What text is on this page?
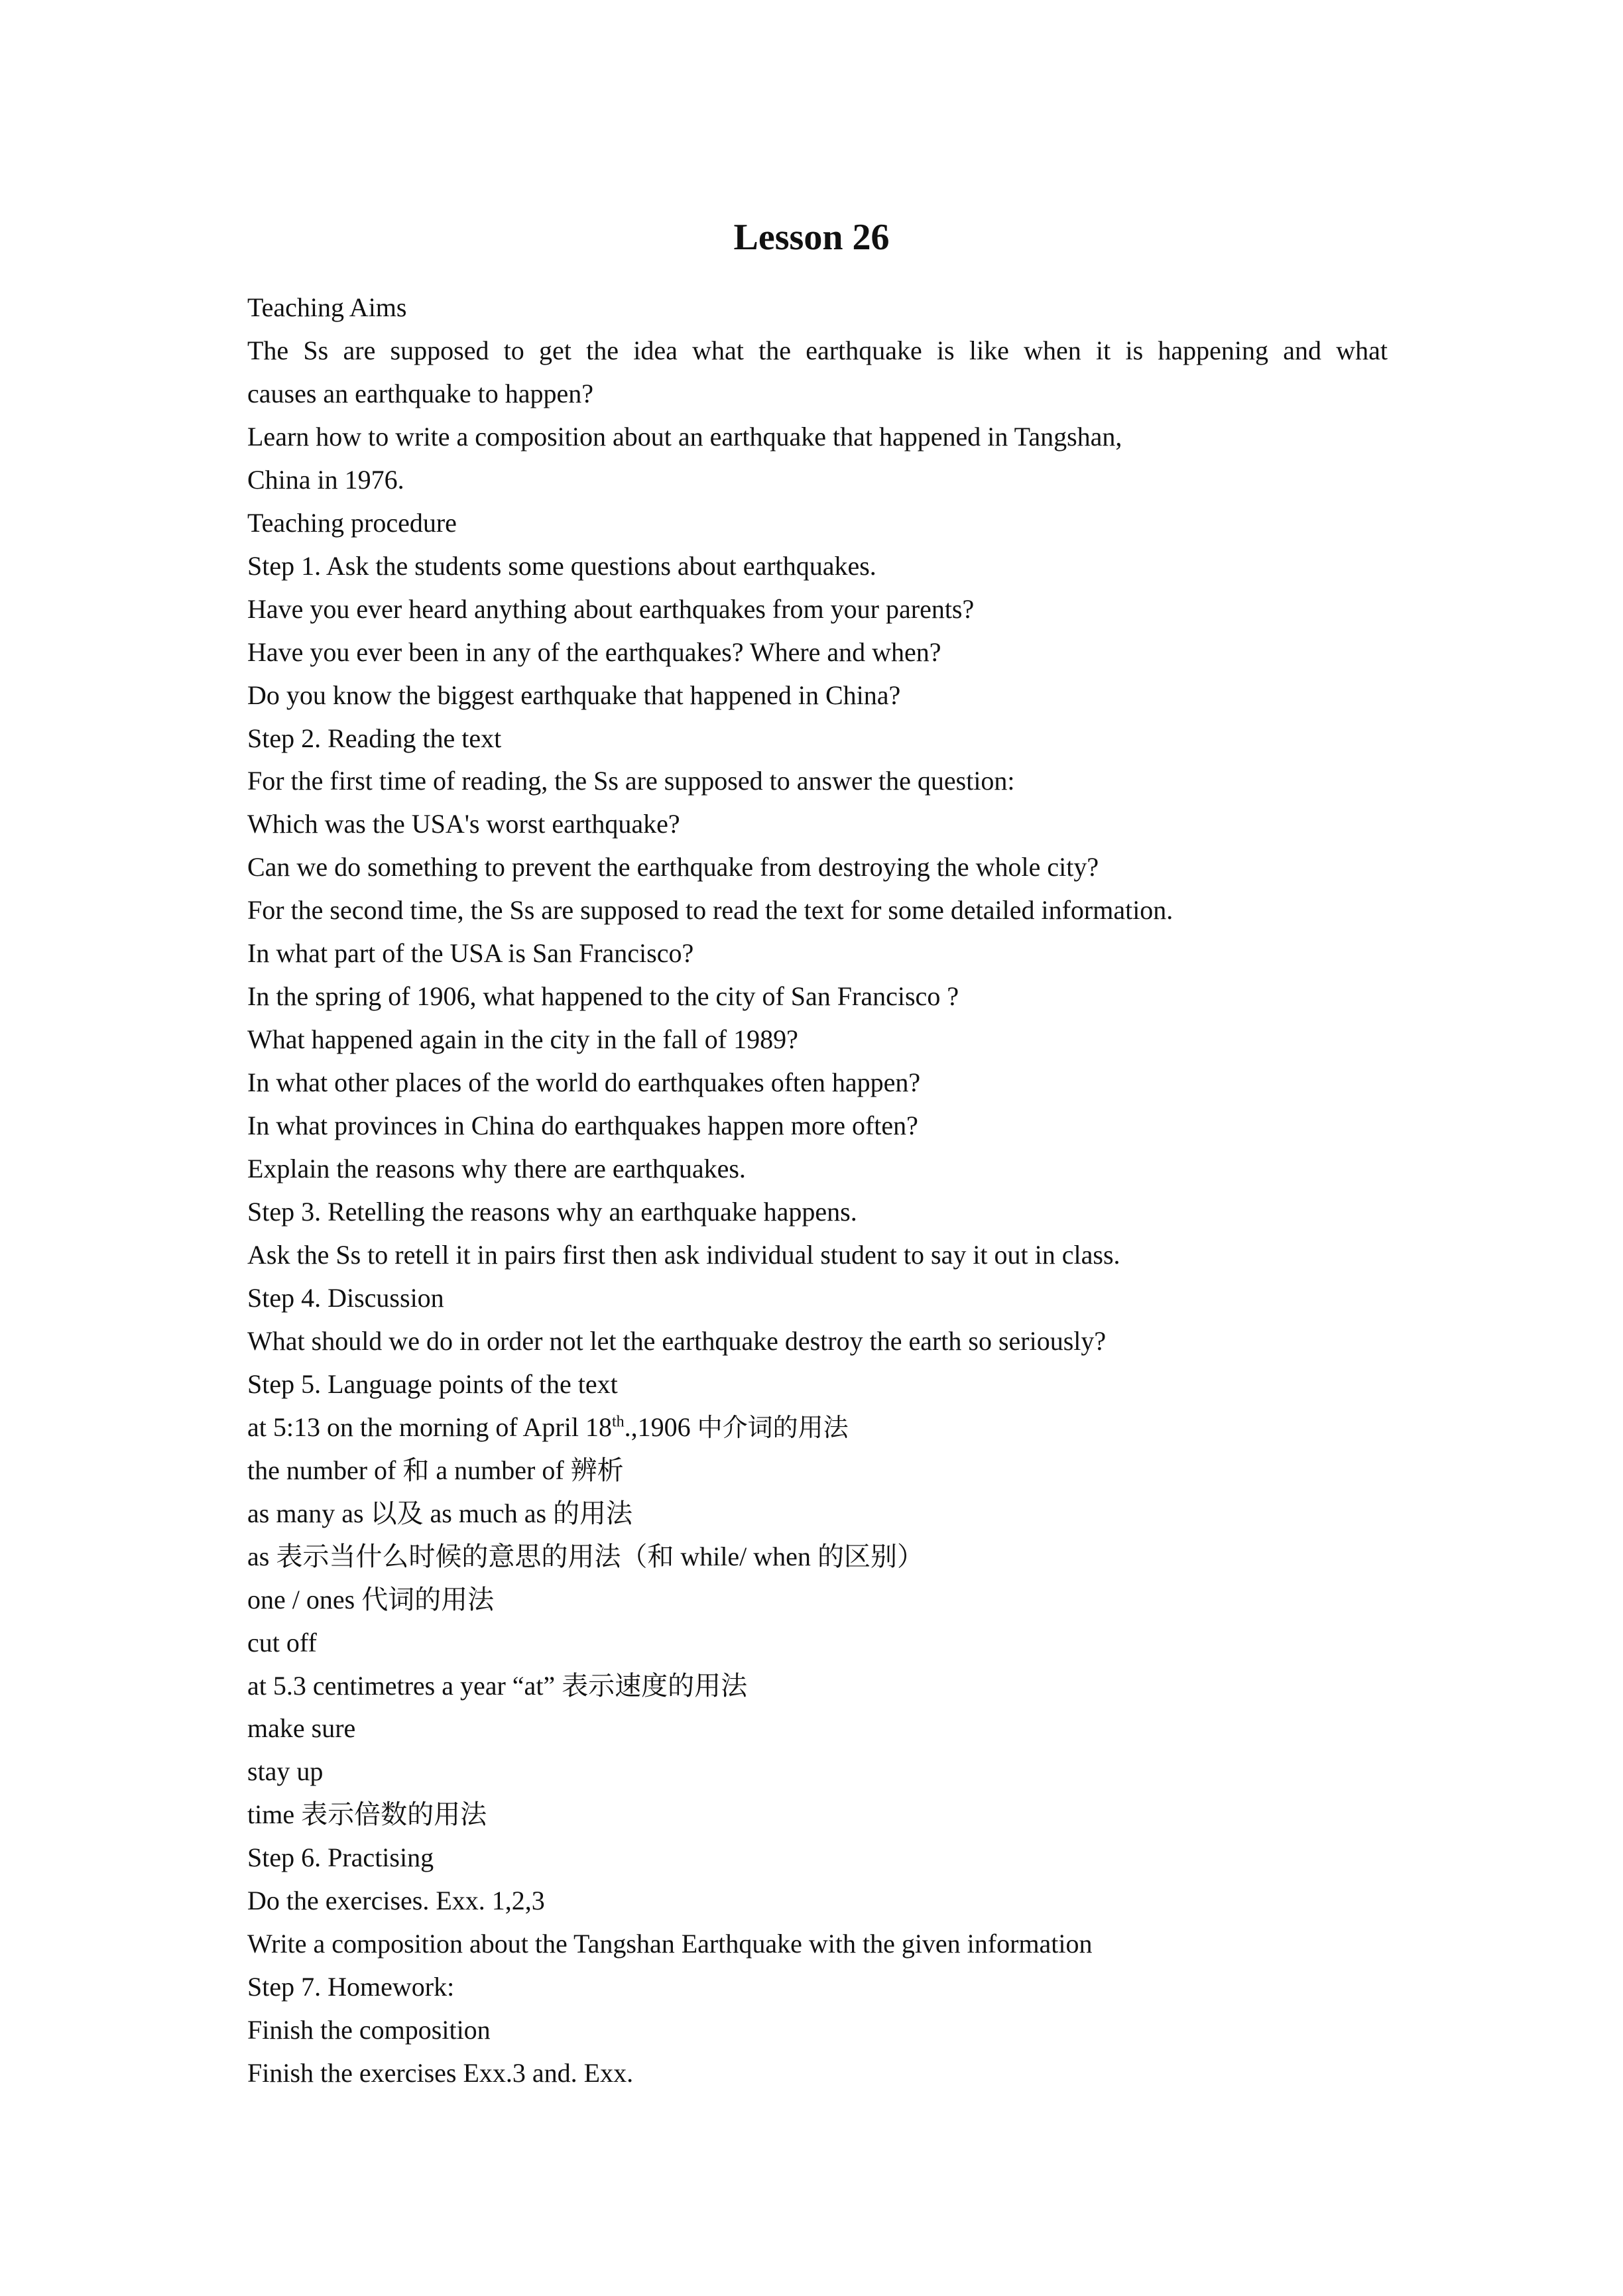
Lesson 26
Teaching Aims
The Ss are supposed to get the idea what the earthquake is like when it is happening and what
causes an earthquake to happen?
Learn how to write a composition about an earthquake that happened in Tangshan,
China in 1976.
Teaching procedure
Step 1. Ask the students some questions about earthquakes.
Have you ever heard anything about earthquakes from your parents?
Have you ever been in any of the earthquakes? Where and when?
Do you know the biggest earthquake that happened in China?
Step 2. Reading the text
For the first time of reading, the Ss are supposed to answer the question:
Which was the USA's worst earthquake?
Can we do something to prevent the earthquake from destroying the whole city?
For the second time, the Ss are supposed to read the text for some detailed information.
In what part of the USA is San Francisco?
In the spring of 1906, what happened to the city of San Francisco ?
What happened again in the city in the fall of 1989?
In what other places of the world do earthquakes often happen?
In what provinces in China do earthquakes happen more often?
Explain the reasons why there are earthquakes.
Step 3. Retelling the reasons why an earthquake happens.
Ask the Ss to retell it in pairs first then ask individual student to say it out in class.
Step 4. Discussion
What should we do in order not let the earthquake destroy the earth so seriously?
Step 5. Language points of the text
at 5:13 on the morning of April 18th.,1906 中介词的用法
the number of 和 a number of 辨析
as many as 以及 as much as 的用法
as 表示当什么时候的意思的用法（和 while/ when 的区别）
one / ones 代词的用法
cut off
at 5.3 centimetres a year “at” 表示速度的用法
make sure
stay up
time 表示倍数的用法
Step 6. Practising
Do the exercises. Exx. 1,2,3
Write a composition about the Tangshan Earthquake with the given information
Step 7. Homework:
Finish the composition
Finish the exercises Exx.3 and. Exx.
